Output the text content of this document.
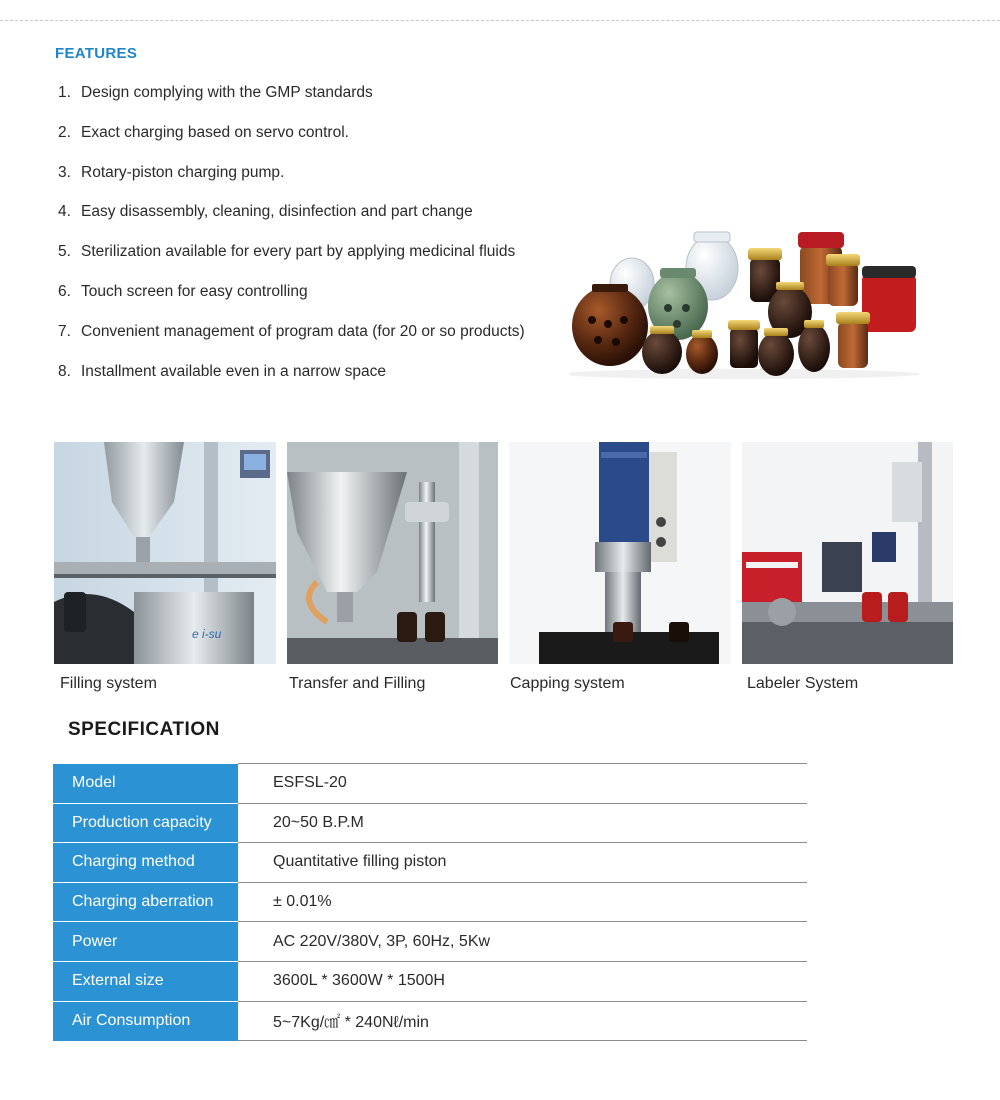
FEATURES
1. Design complying with the GMP standards
2. Exact charging based on servo control.
3. Rotary-piston charging pump.
4. Easy disassembly, cleaning, disinfection and part change
5. Sterilization available for every part by applying medicinal fluids
6. Touch screen for easy controlling
7. Convenient management of program data (for 20 or so products)
8. Installment available even in a narrow space
e i-su
Filling system	Transfer and Filling	Capping system	Labeler System
SPECIFICATION
Model	ESFSL-20
Production capacity	20~50 B.P.M
Charging method	Quantitative filling piston
Charging aberration	± 0.01%
Power	AC 220V/380V, 3P, 60Hz, 5Kw
External size	3600L * 3600W * 1500H
Air Consumption	5~7Kg/㎠ * 240Nℓ/min
